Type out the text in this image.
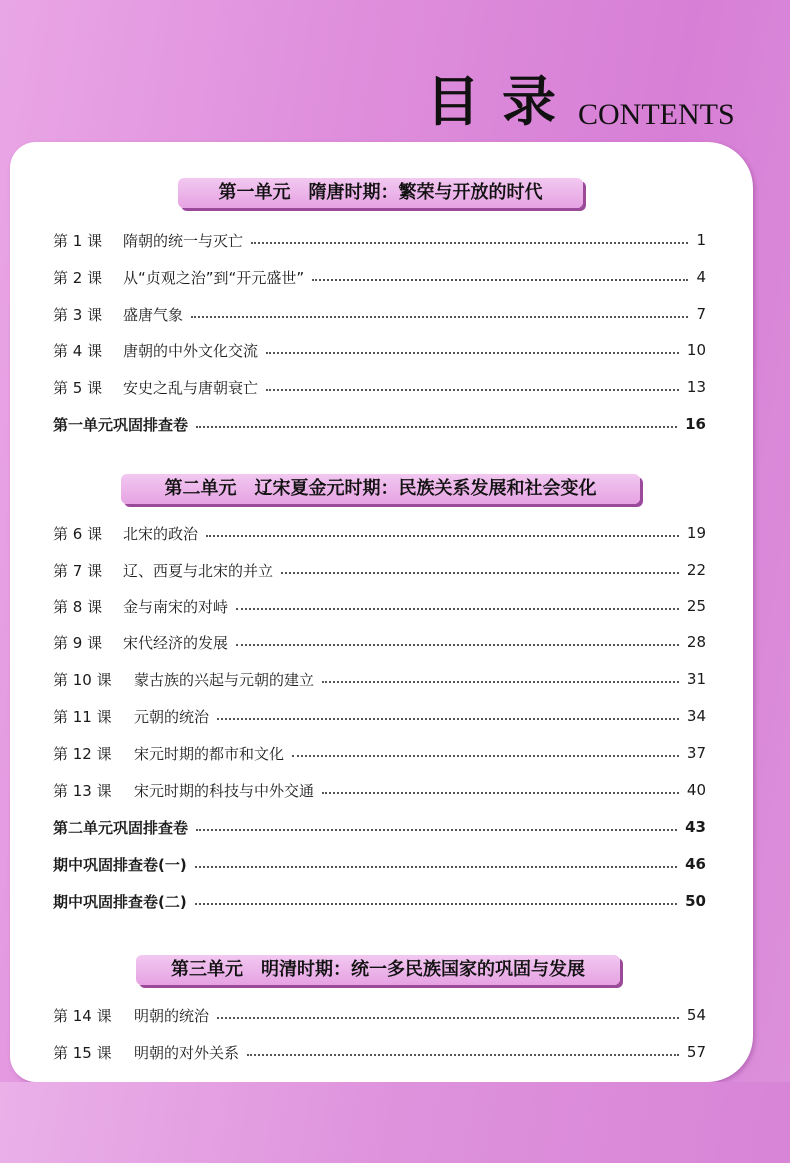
目录 CONTENTS
第一单元 隋唐时期：繁荣与开放的时代
第 1 课	隋朝的统一与灭亡	1
第 2 课	从“贞观之治”到“开元盛世”	4
第 3 课	盛唐气象	7
第 4 课	唐朝的中外文化交流	10
第 5 课	安史之乱与唐朝衰亡	13
第一单元巩固排查卷	16
第二单元 辽宋夏金元时期：民族关系发展和社会变化
第 6 课	北宋的政治	19
第 7 课	辽、西夏与北宋的并立	22
第 8 课	金与南宋的对峙	25
第 9 课	宋代经济的发展	28
第 10 课	蒙古族的兴起与元朝的建立	31
第 11 课	元朝的统治	34
第 12 课	宋元时期的都市和文化	37
第 13 课	宋元时期的科技与中外交通	40
第二单元巩固排查卷	43
期中巩固排查卷(一)	46
期中巩固排查卷(二)	50
第三单元 明清时期：统一多民族国家的巩固与发展
第 14 课	明朝的统治	54
第 15 课	明朝的对外关系	57
